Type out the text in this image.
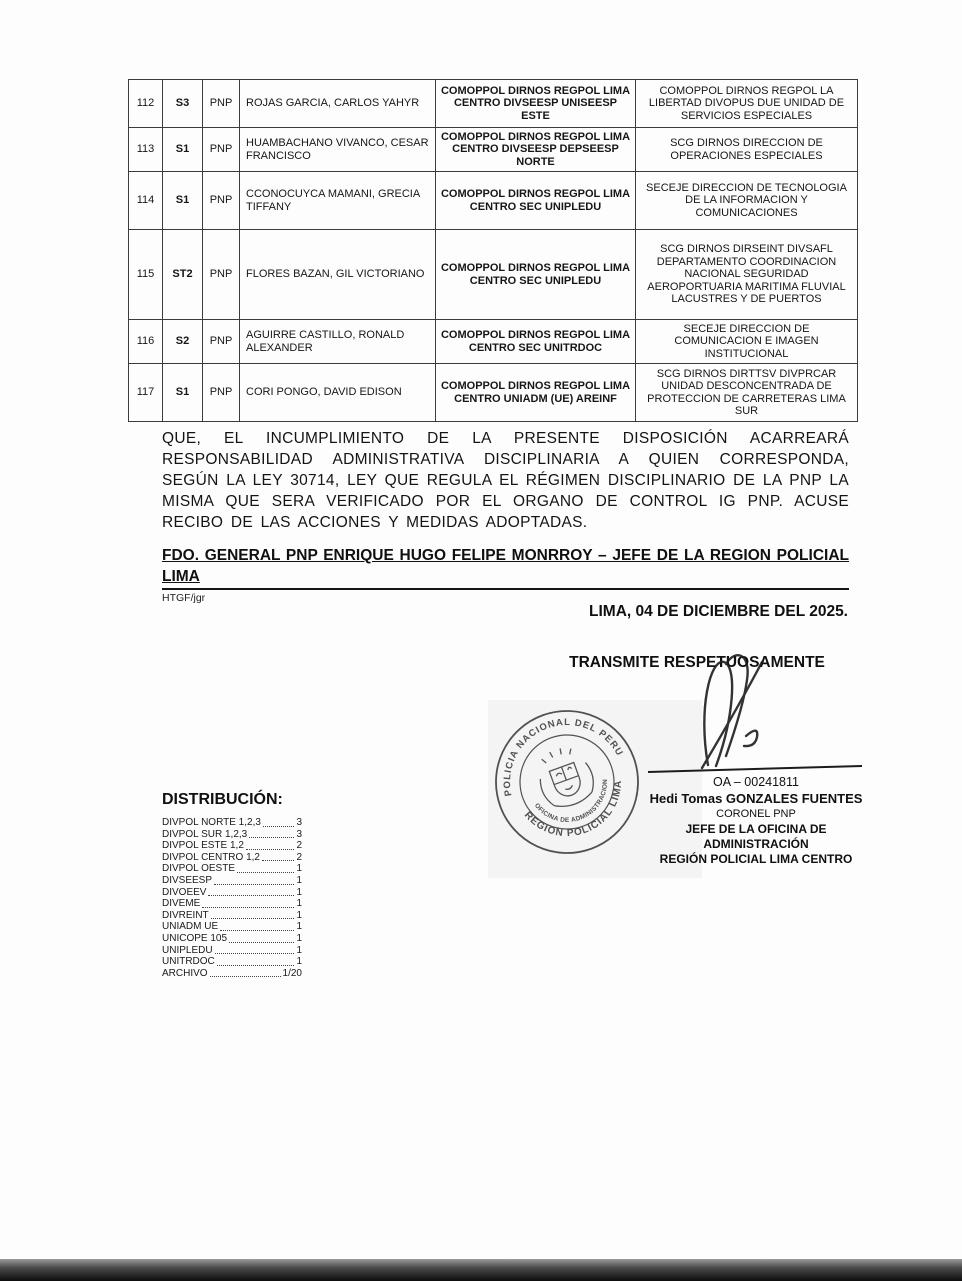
112	S3	PNP	ROJAS GARCIA, CARLOS YAHYR	COMOPPOL DIRNOS REGPOL LIMA CENTRO DIVSEESP UNISEESP ESTE	COMOPPOL DIRNOS REGPOL LA LIBERTAD DIVOPUS DUE UNIDAD DE SERVICIOS ESPECIALES
113	S1	PNP	HUAMBACHANO VIVANCO, CESAR FRANCISCO	COMOPPOL DIRNOS REGPOL LIMA CENTRO DIVSEESP DEPSEESP NORTE	SCG DIRNOS DIRECCION DE OPERACIONES ESPECIALES
114	S1	PNP	CCONOCUYCA MAMANI, GRECIA TIFFANY	COMOPPOL DIRNOS REGPOL LIMA CENTRO SEC UNIPLEDU	SECEJE DIRECCION DE TECNOLOGIA DE LA INFORMACION Y COMUNICACIONES
115	ST2	PNP	FLORES BAZAN, GIL VICTORIANO	COMOPPOL DIRNOS REGPOL LIMA CENTRO SEC UNIPLEDU	SCG DIRNOS DIRSEINT DIVSAFL DEPARTAMENTO COORDINACION NACIONAL SEGURIDAD AEROPORTUARIA MARITIMA FLUVIAL LACUSTRES Y DE PUERTOS
116	S2	PNP	AGUIRRE CASTILLO, RONALD ALEXANDER	COMOPPOL DIRNOS REGPOL LIMA CENTRO SEC UNITRDOC	SECEJE DIRECCION DE COMUNICACION E IMAGEN INSTITUCIONAL
117	S1	PNP	CORI PONGO, DAVID EDISON	COMOPPOL DIRNOS REGPOL LIMA CENTRO UNIADM (UE) AREINF	SCG DIRNOS DIRTTSV DIVPRCAR UNIDAD DESCONCENTRADA DE PROTECCION DE CARRETERAS LIMA SUR
QUE, EL INCUMPLIMIENTO DE LA PRESENTE DISPOSICIÓN ACARREARÁ RESPONSABILIDAD ADMINISTRATIVA DISCIPLINARIA A QUIEN CORRESPONDA, SEGÚN LA LEY 30714, LEY QUE REGULA EL RÉGIMEN DISCIPLINARIO DE LA PNP LA MISMA QUE SERA VERIFICADO POR EL ORGANO DE CONTROL IG PNP. ACUSE RECIBO DE LAS ACCIONES Y MEDIDAS ADOPTADAS.
FDO. GENERAL PNP ENRIQUE HUGO FELIPE MONRROY – JEFE DE LA REGION POLICIAL LIMA
HTGF/jgr
LIMA, 04 DE DICIEMBRE DEL 2025.
TRANSMITE RESPETUOSAMENTE
POLICIA NACIONAL DEL PERU
REGION POLICIAL LIMA
OFICINA DE ADMINISTRACION	OA – 00241811
Hedi Tomas GONZALES FUENTES
CORONEL PNP
JEFE DE LA OFICINA DE ADMINISTRACIÓN
REGIÓN POLICIAL LIMA CENTRO
DISTRIBUCIÓN:
DIVPOL NORTE 1,2,3	3
DIVPOL SUR 1,2,3	3
DIVPOL ESTE 1,2	2
DIVPOL CENTRO 1,2	2
DIVPOL OESTE	1
DIVSEESP	1
DIVOEEV	1
DIVEME	1
DIVREINT	1
UNIADM UE	1
UNICOPE 105	1
UNIPLEDU	1
UNITRDOC	1
ARCHIVO	1/20
